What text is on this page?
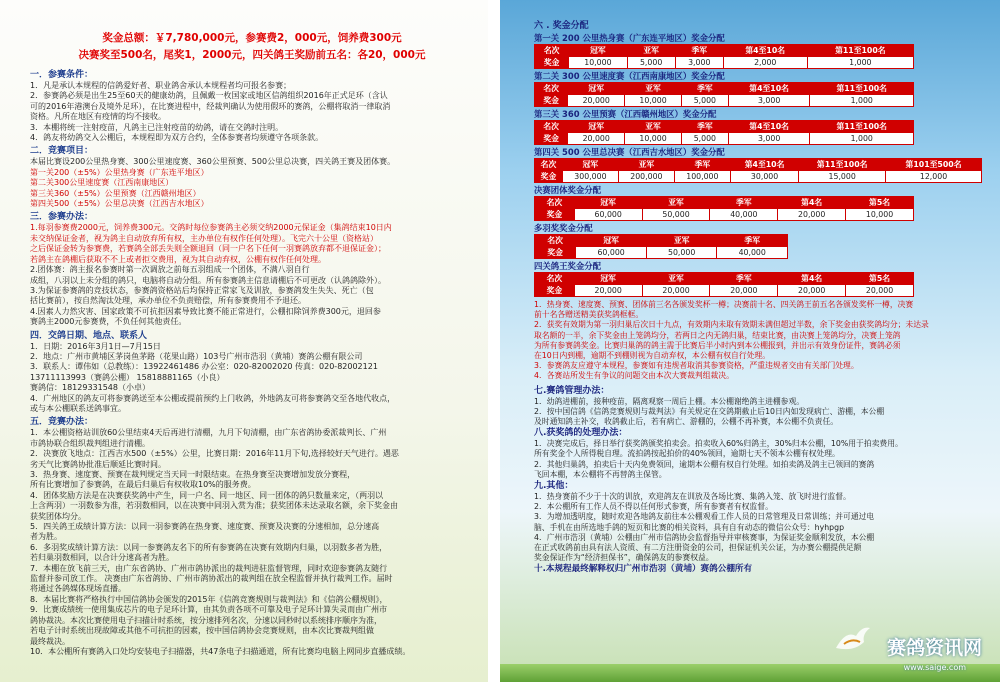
奖金总额：￥7,780,000元，参赛费2，000元，饲养费300元
决赛奖至500名，尾奖1，2000元，四关鸽王奖励前五名：各20，000元
一．参赛条件：
1．凡是承认本规程的信鸽爱好者、职业鸽舍承认本规程者均可报名参赛；
2．参赛鸽必须是出生25至60天的健康幼鸽，且佩戴一枚国家或地区信鸽组织2016年正式足环（含认
可的2016年港澳台及境外足环），在比赛进程中，经裁判确认为使用假环的赛鸽，公棚将取消一律取消
资格。凡所在地区有疫情的均不接收。
3．本棚将统一注射疫苗，凡鸽主已注射疫苗的幼鸽，请在交鸽时注明。
4．鸽友将幼鸽交入公棚后，本规程即为双方合约，全体参赛者均须遵守各项条款。
二．竞赛项目：
本届比赛设200公里热身赛、300公里速度赛、360公里预赛、500公里总决赛，四关鸽王赛及团体赛。
第一关200（±5%）公里热身赛（广东连平地区）
第二关300公里速度赛（江西南康地区）
第三关360（±5%）公里预赛（江西赣州地区）
第四关500（±5%）公里总决赛（江西吉水地区）
三．参赛办法：
1.每羽参赛费2000元，饲养费300元。交鸽时每位参赛鸽主必须交纳2000元保证金（集鸽结束10日内
未交纳保证金者，视为鸽主自动放弃所有权，主办单位有权作任何处理）。飞完六十公里（资格站）
之后保证金转为参赛费，若赛鸽全部丢失则全额退回（同一户名下任何一羽赛鸽放弃都不退保证金）；
若鸽主在鸽棚后获取不不上或者拒交费用，视为其自动弃权，公棚有权作任何处理。
2.团体赛：鸽主报名参赛时第一次调放之前每五羽组成一个团体，不满八羽自行
成组，八羽以上未分组的鸽只，电脑将自动分组。所有参赛鸽主信息请棚后不可更改（认鸽鸽除外）。
3.为保证参赛鸽的竞技状态，参赛鸽资格站后均保持正常家飞及训放，参赛鸽发生失失、死亡（包
括比赛前），按自然淘汰处理，承办单位不负责赔偿，所有参赛费用不予退还。
4.因素人力然灾害、国家政策不可抗拒因素导致比赛不能正常进行，公棚扣除饲养费300元，退回参
赛鸽主2000元参赛费，不负任何其他责任。
四．交鸽日期、地点、联系人
1．日期：2016年3月1日—7月15日
2．地点：广州市黄埔区茅岗鱼茅路（花果山路）103号广州市浩羽（黄埔）赛鸽公棚有限公司
3．联系人：谭伟如（总教练）：13922461486 办公室：020-82002020 传真：020-82002121
13711113993（赛鸽公棚） 15818881165（小良）
赛鸽信：18129331548（小卓）
4．广州地区的鸽友可将参赛鸽送至本公棚或提前预约上门收鸽，外地鸽友可将参赛鸽交至各地代收点，
或与本公棚联系送鸽事宜。
五．竞赛办法：
1．本公棚资格站训放60公里结束4天后再进行清棚，九月下旬清棚，由广东省鸽协委派裁判长、广州
市鸽协联合组织裁判组进行清棚。
2．决赛放飞地点：江西吉水500（±5%）公里，比赛日期：2016年11月下旬,选择较好天气进行。遇恶
劣天气比赛鸽协批准后顺延比赛时间。
3．热身赛、速度赛、预赛在裁判规定当天同一时限结束。在热身赛至决赛增加发放分赛程，
所有比赛增加了参赛鸽，在最后归巢后有权收取10%的服务费。
4．团体奖励方法是在决赛获奖鸽中产生，同一户名、同一地区、同一团体的鸽只数量来定，（两羽以
上含两羽）一羽数参为准，若羽数相同，以在决赛中同羽入赏为准；获奖团体未达录取名额，余下奖金由
获奖团体均分。
5．四关鸽王成绩计算方法：以同一羽参赛鸽在热身赛、速度赛、预赛及决赛的分速相加，总分速高
者为胜。
6．多羽奖成绩计算方法：以同一参赛鸽友名下的所有参赛鸽在决赛有效期内归巢，以羽数多者为胜，
若归巢羽数相同，以合计分速高者为胜。
7．本棚在放飞前三天，由广东省鸽协、广州市鸽协派出的裁判进驻监督管理，同时欢迎参赛鸽友随行
监督并参司放工作。 决赛由广东省鸽协、广州市鸽协派出的裁判组在放全程监督并执行裁判工作。届时
将通过各鸽媒体现场直播。
8．本届比赛将严格执行中国信鸽协会颁发的2015年《信鸽竞赛规则与裁判法》和《信鸽公棚规则》，
9．比赛成绩统一使用集成芯片的电子足环计算，由其负责各项不可靠及电子足环计算失灵而由广州市
鸽协裁决。本次比赛使用电子扫描计时系统，按分速排列名次，分速以同秒时以系统排序顺序为准，
若电子计时系统出现故障或其他不可抗拒的因素，按中国信鸽协会竞赛规则，由本次比赛裁判组做
最终裁决。
10．本公棚所有赛鸽入口处均安装电子扫描器，共47条电子扫描通道，所有比赛均电脑上网同步直播成绩。
六 . 奖金分配
第一关 200 公里热身赛（广东连平地区）奖金分配
名次	冠军	亚军	季军	第4至10名	第11至100名
奖金	10,000	5,000	3,000	2,000	1,000
第二关 300 公里速度赛（江西南康地区）奖金分配
名次	冠军	亚军	季军	第4至10名	第11至100名
奖金	20,000	10,000	5,000	3,000	1,000
第三关 360 公里预赛（江西赣州地区）奖金分配
名次	冠军	亚军	季军	第4至10名	第11至100名
奖金	20,000	10,000	5,000	3,000	1,000
第四关 500 公里总决赛（江西吉水地区）奖金分配
名次	冠军	亚军	季军	第4至10名	第11至100名	第101至500名
奖金	300,000	200,000	100,000	30,000	15,000	12,000
决赛团体奖金分配
名次	冠军	亚军	季军	第4名	第5名
奖金	60,000	50,000	40,000	20,000	10,000
多羽奖奖金分配
名次	冠军	亚军	季军
奖金	60,000	50,000	40,000
四关鸽王奖金分配
名次	冠军	亚军	季军	第4名	第5名
奖金	20,000	20,000	20,000	20,000	20,000
1．热身赛、速度赛、预赛、团体前三名各颁发奖杯一樽；决赛前十名、四关鸽王前五名各颁发奖杯一樽，决赛
前十名各赠送精美获奖鸽框框。
2．获奖有效期为第一羽归巢后次日十九点，有效期内未取有效期未满但超过半数，余下奖金由获奖鸽均分；未达录
取名额的一半，余下奖金由上笼鸽均分，若两日之内无鸽归巢，结束比赛，由决赛上笼鸽均分，决赛上笼鸽
为所有参赛鸽奖金。比赛归巢鸽的鸽主需于比赛后半小时内到本公棚报到，并出示有效身份证件，赛鸽必须
在10日内到棚，逾期不到棚则视为自动弃权，本公棚有权自行处理。
3．参赛鸽友应遵守本规程，参赛如有违规者取消其参赛资格，严重违规者交由有关部门处理。
4．各赛站所发生有争议的问题交由本次大赛裁判组裁决。
七.赛鸽管理办法：
1．幼鸽进棚前，接种疫苗，隔离观察一周后上棚。本公棚谢绝鸽主进棚参观。
2．按中国信鸽《信鸽竞赛规则与裁判法》有关规定在交鸽期截止后10日内如发现病亡、游棚，本公棚
及时通知鸽主补交，收鸽截止后，若有病亡、游棚的，公棚不再补赛，本公棚不负责任。
八.获奖鸽的处理办法：
1．决赛完成后，择日举行获奖鸽颁奖拍卖会。拍卖收入60%归鸽主，30%归本公棚，10%用于拍卖费用。
所有奖金个人所得税自理。流拍鸽按起拍价的40%领回，逾期七天不领本公棚有权处理。
2．其他归巢鸽，拍卖后十天内免费领回，逾期本公棚有权自行处理。如拍卖鸽及鸽主已领回的赛鸽
飞回本棚，本公棚将不再替鸽主保管。
九.其他：
1．热身赛前不少于十次的训放，欢迎鸽友在训放及各场比赛、集鸽入笼、放飞时进行监督。
2．本公棚所有工作人员不得以任何形式参赛，所有参赛者有权监督。
3．为增加透明度，随时欢迎各地鸽友前往本公棚观看工作人员的日常管理及日常训练；并可通过电
脑、手机在由所选地手鸽的短页和比赛的相关资料，具有自有动态的微信公众号：hyhpgp
4．广州市浩羽（黄埔）公棚由广州市信鸽协会监督指导并审核赛事，为保证奖金顺利发放，本公棚
在正式收鸽前由具有法人资质、有二方注册资金的公司，担保证机关公证，为办赛公棚提供足额
奖金保证作为“经济担保书”，确保鸽友的参赛权益。
十.本规程最终解释权归广州市浩羽（黄埔）赛鸽公棚所有
赛鸽资讯网
www.saige.com
